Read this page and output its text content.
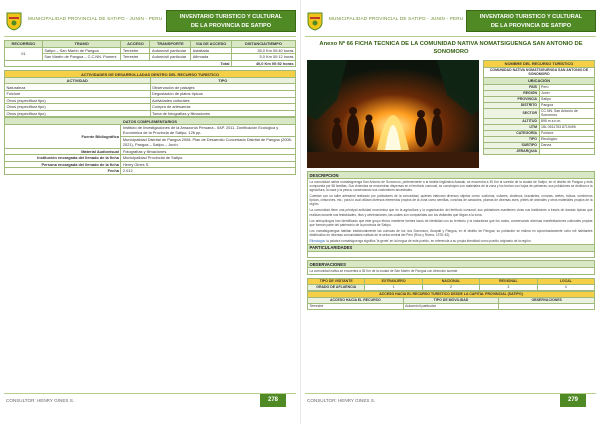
MUNICIPALIDAD PROVINCIAL DE SATIPO - JUNIN - PERU	INVENTARIO TURISTICO Y CULTURAL
DE LA PROVINCIA DE SATIPO
RECORRIDO	TRAMO	ACCESO	TRANSPORTE	VIA DE ACCESO	DISTANCIA/TIEMPO
01	Satipo – San Martín de Pangoa	Terrestre	Automóvil particular	Asfaltada	35,0 Km 00:40 horas
	San Martín de Pangoa – C.C.NN. Pomeni	Terrestre	Automóvil particular	Afirmada	5,0 Km 00:12 horas
Total					40,0 Km 00:52 horas
ACTIVIDADES DE DESARROLLADAS DENTRO DEL RECURSO TURISTICO	
ACTIVIDAD	TIPO
Naturaleza	Observación de paisajes
Folclore	Degustación de platos típicos
Otros (especificar tipo)	Actividades culturales
Otros (especificar tipo)	Compra de artesanías
Otros (especificar tipo)	Toma de fotografías y filmaciones
DATOS COMPLEMENTARIOS	
Fuente Bibliográfica	Instituto de Investigaciones de la Amazonía Peruana - IIAP. 2011. Zonificación Ecológica y Económica de la Provincia de Satipo, 126 pp.
	Municipalidad Distrital de Pangoa 2008. Plan de Desarrollo Concertado Distrital de Pangoa (2008-2021), Pangoa – Satipo – Junín.
Material Audiovisual	Fotografías y filmaciones.
Institución encargada del llenado de la ficha	Municipalidad Provincial de Satipo.
Persona encargada del llenado de la ficha	Henry Gines S.
Fecha	2.012
CONSULTOR: HENRY GINES S.	278
MUNICIPALIDAD PROVINCIAL DE SATIPO - JUNIN - PERU	INVENTARIO TURISTICO Y CULTURAL
DE LA PROVINCIA DE SATIPO
Anexo Nº 66 FICHA TECNICA DE LA COMUNIDAD NATIVA NOMATSIGUENGA SAN ANTONIO DE SONOMORO
NOMBRE DEL RECURSO TURÍSTICO	
COMUNIDAD NATIVA NOMATSIGUENGA SAN ANTONIO DE SONOMORO	
UBICACIÓN	
PAÍS	Perú
REGIÓN	Junín
PROVINCIA	Satipo
DISTRITO	Pangoa
SECTOR	CC.NN. San Antonio de Sonomoro
ALTITUD	895 m.s.n.m.
UTM	18L 0511753 8719495
CATEGORÍA	Folclore
TIPO	Etnológico
SUBTIPO	Danza
JERARQUIA	
DESCRIPCION
La comunidad nativa nomatsiguenga San Antonio de Sonomoro, perteneciente a la familia lingüística Arawak, se encuentra a 35 Km al sureste de la ciudad de Satipo, en el distrito de Pangoa y está compuesta por 58 familias. Sus viviendas se encuentran dispersas en el territorio comunal, se construyen con materiales de la zona y los techos con hojas de palmeras; sus pobladores se dedican a la agricultura, la caza y la pesca, conservando sus costumbres ancestrales.
Cuentan con un taller artesanal realizado por pobladores de la comunidad, quienes elaboran diversos objetos como: cushmas, collares, chalecos, brazaletes, coronas, aretes, bolsos, sombreros típicos, cinturones, etc.; para lo cual utilizan diversos elementos propios de la zona como semillas, conchas de caracoles, plumas de diversas aves, pieles de animales y otros materiales propios de la región.
La comunidad tiene una principal actividad económica que es la agricultura y la organización del territorio comunal; sus pobladores mantienen vivas sus tradiciones a través de danzas típicas que realizan durante sus festividades, ritos y celebraciones, las cuales son compartidas con los visitantes que llegan a la zona.
Los antropólogos han identificado que este grupo étnico mantiene fuertes lazos de identidad con su territorio y la naturaleza que los rodea, conservando diversas manifestaciones culturales propias que forman parte del patrimonio de la provincia de Satipo.
Los nomatsiguengas habitan tradicionalmente las cuencas de los ríos Sonomoro, Anapati y Pangoa, en el distrito de Pangoa; su población se estima en aproximadamente ocho mil habitantes distribuidos en diversas comunidades nativas de la selva central del Perú (Ríos y Rivera, 1978: 82).
Etimología: la palabra nomatsiguenga significa 'la gente' en la lengua de este pueblo, en referencia a su propia identidad como pueblo originario de la región.
PARTICULARIDADES
OBSERVACIONES
La comunidad nativa se encuentra a 35 Km de la ciudad de San Martín de Pangoa con dirección sureste.
TIPO DE VISITANTE	EXTRANJERO	NACIONAL	REGIONAL	LOCAL
GRADO DE AFLUENCIA	1	2	3	4
ACCESO HACIA EL RECURSO TURISTICO DESDE LA CAPITAL PROVINCIAL (SATIPO)		
ACCESO HACIA EL RECURSO	TIPO DE MOVILIDAD	OBSERVACIONES
Terrestre	Automóvil particular	
CONSULTOR: HENRY GINES S.	279
